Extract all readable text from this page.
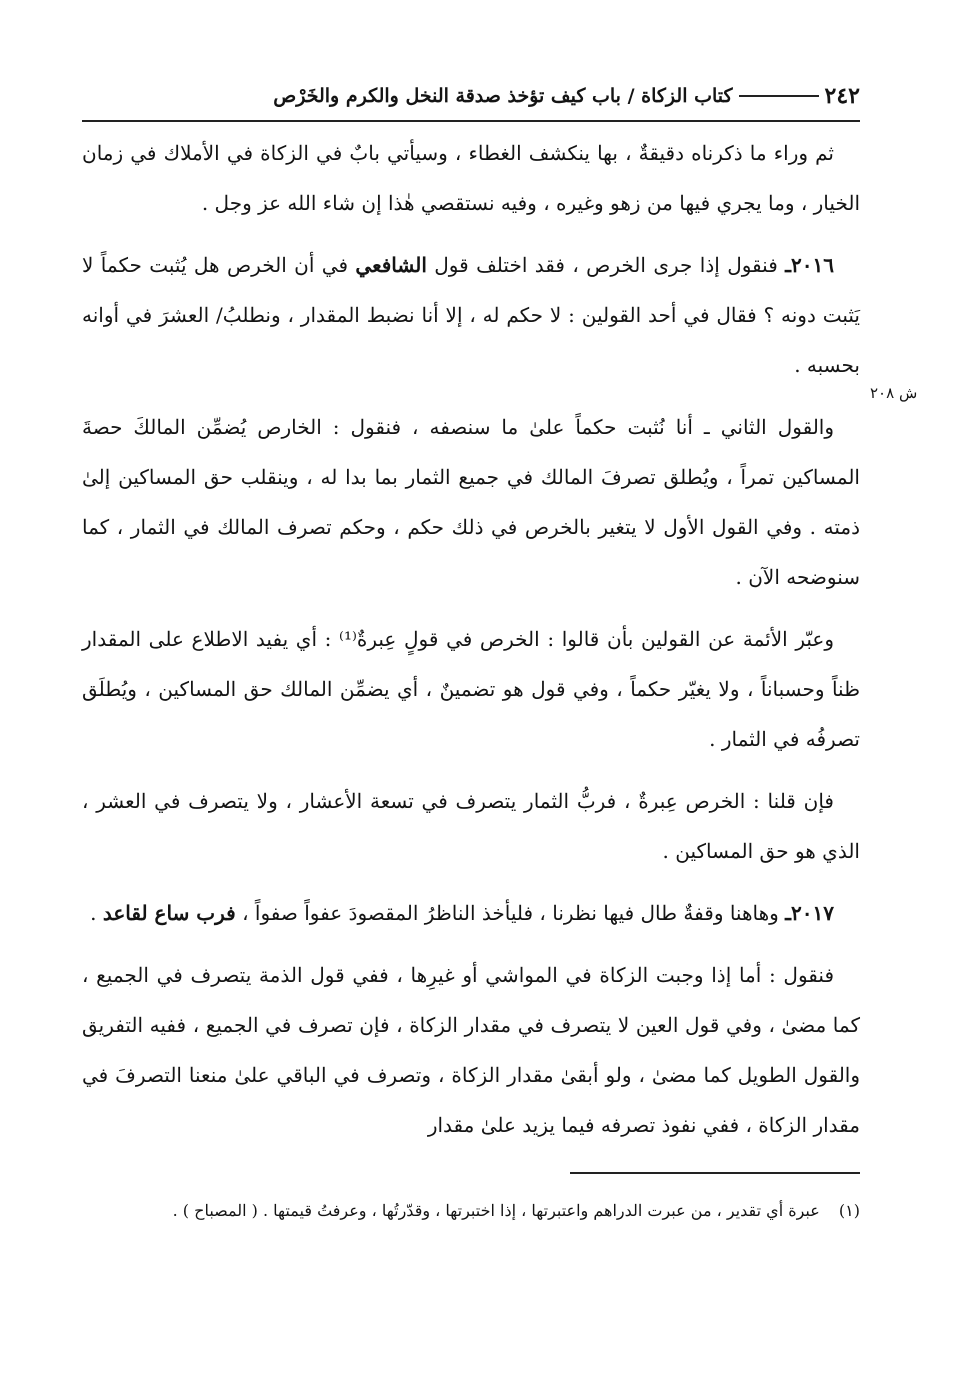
٢٤٢
كتاب الزكاة / باب كيف تؤخذ صدقة النخل والكرم والخَرْص
ش ٢٠٨

ثم وراء ما ذكرناه دقيقةٌ ، بها ينكشف الغطاء ، وسيأتي بابٌ في الزكاة في الأملاك في زمان الخيار ، وما يجري فيها من زهو وغيره ، وفيه نستقصي هٰذا إن شاء الله عز وجل .

٢٠١٦ـ فنقول إذا جرى الخرص ، فقد اختلف قول الشافعي في أن الخرص هل يُثبت حكماً لا يَثبت دونه ؟ فقال في أحد القولين : لا حكم له ، إلا أنا نضبط المقدار ، ونطلبُ/ العشرَ في أوانه بحسبه .

والقول الثاني ـ أنا نُثبت حكماً علىٰ ما سنصفه ، فنقول : الخارص يُضمِّن المالكَ حصةَ المساكين تمراً ، ويُطلق تصرفَ المالك في جميع الثمار بما بدا له ، وينقلب حق المساكين إلىٰ ذمته . وفي القول الأول لا يتغير بالخرص في ذلك حكم ، وحكم تصرف المالك في الثمار ، كما سنوضحه الآن .

وعبّر الأئمة عن القولين بأن قالوا : الخرص في قولٍ عِبرةٌ⁽¹⁾ : أي يفيد الاطلاع على المقدار ظناً وحسباناً ، ولا يغيّر حكماً ، وفي قول هو تضمينٌ ، أي يضمِّن المالك حق المساكين ، ويُطلَق تصرفُه في الثمار .

فإن قلنا : الخرص عِبرةٌ ، فربُّ الثمار يتصرف في تسعة الأعشار ، ولا يتصرف في العشر ، الذي هو حق المساكين .

٢٠١٧ـ وهاهنا وقفةٌ طال فيها نظرنا ، فليأخذ الناظرُ المقصودَ عفواً صفواً ، فرب ساع لقاعد .

فنقول : أما إذا وجبت الزكاة في المواشي أو غيرِها ، ففي قول الذمة يتصرف في الجميع ، كما مضىٰ ، وفي قول العين لا يتصرف في مقدار الزكاة ، فإن تصرف في الجميع ، ففيه التفريق والقول الطويل كما مضىٰ ، ولو أبقىٰ مقدار الزكاة ، وتصرف في الباقي علىٰ منعنا التصرفَ في مقدار الزكاة ، ففي نفوذ تصرفه فيما يزيد علىٰ مقدار

(١) عبرة أي تقدير ، من عبرت الدراهم واعتبرتها ، إذا اختبرتها ، وقدّرتُها ، وعرفتُ قيمتها . ( المصباح ) .
